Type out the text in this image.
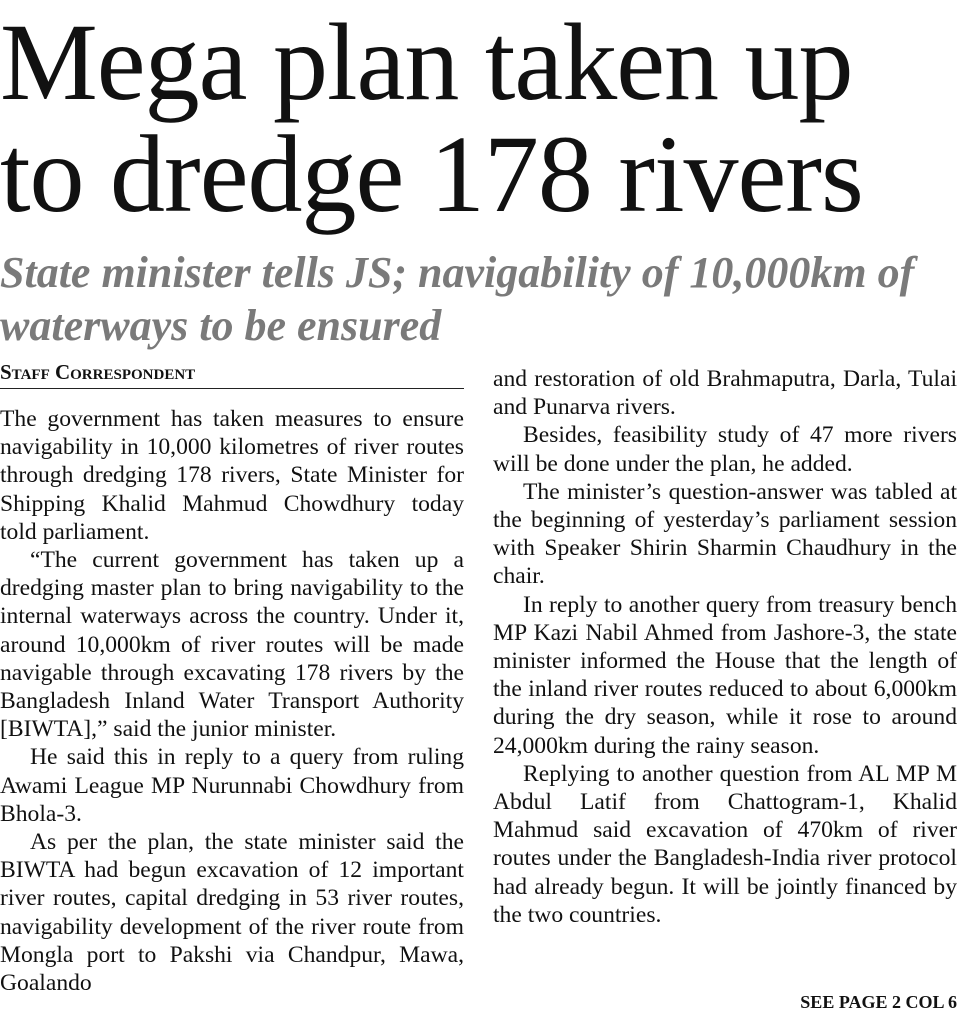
Mega plan taken up to dredge 178 rivers
State minister tells JS; navigability of 10,000km of waterways to be ensured
Staff Correspondent

The government has taken measures to ensure navigability in 10,000 kilometres of river routes through dredging 178 rivers, State Minister for Shipping Khalid Mahmud Chowdhury today told parliament.

“The current government has taken up a dredging master plan to bring navigability to the internal waterways across the country. Under it, around 10,000km of river routes will be made navigable through excavating 178 rivers by the Bangladesh Inland Water Transport Authority [BIWTA],” said the junior minister.

He said this in reply to a query from ruling Awami League MP Nurunnabi Chowdhury from Bhola-3.

As per the plan, the state minister said the BIWTA had begun excavation of 12 important river routes, capital dredging in 53 river routes, navigability development of the river route from Mongla port to Pakshi via Chandpur, Mawa, Goalando

and restoration of old Brahmaputra, Darla, Tulai and Punarva rivers.

Besides, feasibility study of 47 more rivers will be done under the plan, he added.

The minister’s question-answer was tabled at the beginning of yesterday’s parliament session with Speaker Shirin Sharmin Chaudhury in the chair.

In reply to another query from treasury bench MP Kazi Nabil Ahmed from Jashore-3, the state minister informed the House that the length of the inland river routes reduced to about 6,000km during the dry season, while it rose to around 24,000km during the rainy season.

Replying to another question from AL MP M Abdul Latif from Chattogram-1, Khalid Mahmud said excavation of 470km of river routes under the Bangladesh-India river protocol had already begun. It will be jointly financed by the two countries.

SEE PAGE 2 COL 6
